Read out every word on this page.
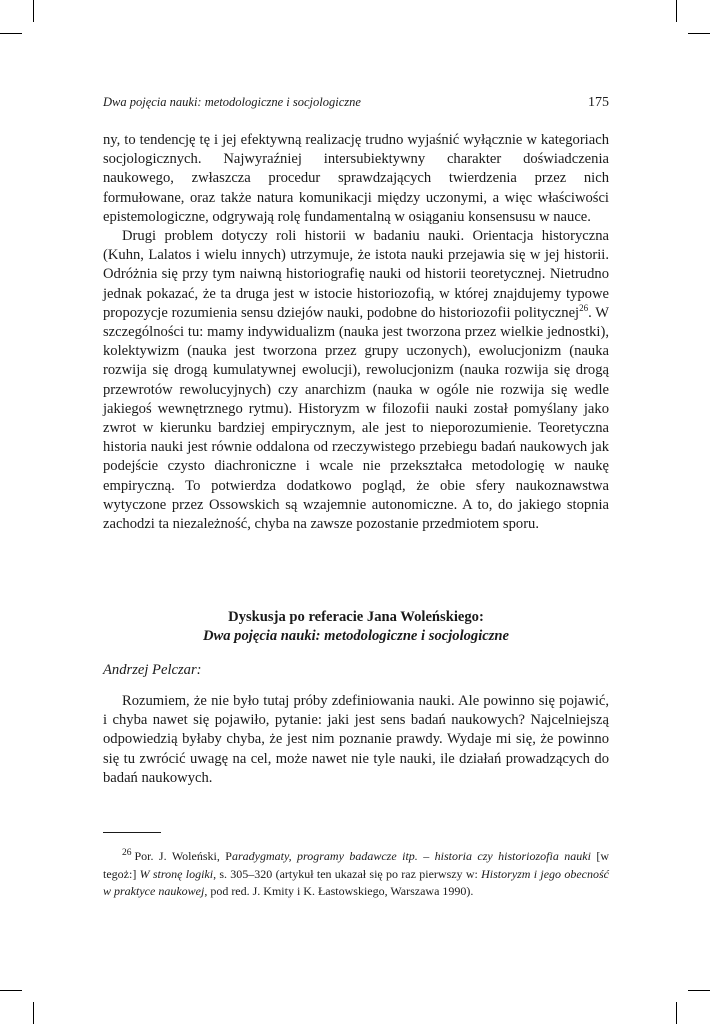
Dwa pojęcia nauki: metodologiczne i socjologiczne	175

ny, to tendencję tę i jej efektywną realizację trudno wyjaśnić wyłącznie w kategoriach socjologicznych. Najwyraźniej intersubiektywny charakter doświadczenia naukowego, zwłaszcza procedur sprawdzających twierdzenia przez nich formułowane, oraz także natura komunikacji między uczonymi, a więc właściwości epistemologiczne, odgrywają rolę fundamentalną w osiąganiu konsensusu w nauce.

Drugi problem dotyczy roli historii w badaniu nauki. Orientacja historyczna (Kuhn, Lalatos i wielu innych) utrzymuje, że istota nauki przejawia się w jej historii. Odróżnia się przy tym naiwną historiografię nauki od historii teoretycznej. Nietrudno jednak pokazać, że ta druga jest w istocie historiozofią, w której znajdujemy typowe propozycje rozumienia sensu dziejów nauki, podobne do historiozofii politycznej$^{26}$. W szczególności tu: mamy indywidualizm (nauka jest tworzona przez wielkie jednostki), kolektywizm (nauka jest tworzona przez grupy uczonych), ewolucjonizm (nauka rozwija się drogą kumulatywnej ewolucji), rewolucjonizm (nauka rozwija się drogą przewrotów rewolucyjnych) czy anarchizm (nauka w ogóle nie rozwija się wedle jakiegoś wewnętrznego rytmu). Historyzm w filozofii nauki został pomyślany jako zwrot w kierunku bardziej empirycznym, ale jest to nieporozumienie. Teoretyczna historia nauki jest równie oddalona od rzeczywistego przebiegu badań naukowych jak podejście czysto diachroniczne i wcale nie przekształca metodologię w naukę empiryczną. To potwierdza dodatkowo pogląd, że obie sfery naukoznawstwa wytyczone przez Ossowskich są wzajemnie autonomiczne. A to, do jakiego stopnia zachodzi ta niezależność, chyba na zawsze pozostanie przedmiotem sporu.

Dyskusja po referacie Jana Woleńskiego:
Dwa pojęcia nauki: metodologiczne i socjologiczne
Andrzej Pelczar:

Rozumiem, że nie było tutaj próby zdefiniowania nauki. Ale powinno się pojawić, i chyba nawet się pojawiło, pytanie: jaki jest sens badań naukowych? Najcelniejszą odpowiedzią byłaby chyba, że jest nim poznanie prawdy. Wydaje mi się, że powinno się tu zwrócić uwagę na cel, może nawet nie tyle nauki, ile działań prowadzących do badań naukowych.

$^{26}$ Por. J. Woleński, Paradygmaty, programy badawcze itp. – historia czy historiozofia nauki [w tegoż:] W stronę logiki, s. 305–320 (artykuł ten ukazał się po raz pierwszy w: Historyzm i jego obecność w praktyce naukowej, pod red. J. Kmity i K. Łastowskiego, Warszawa 1990).
